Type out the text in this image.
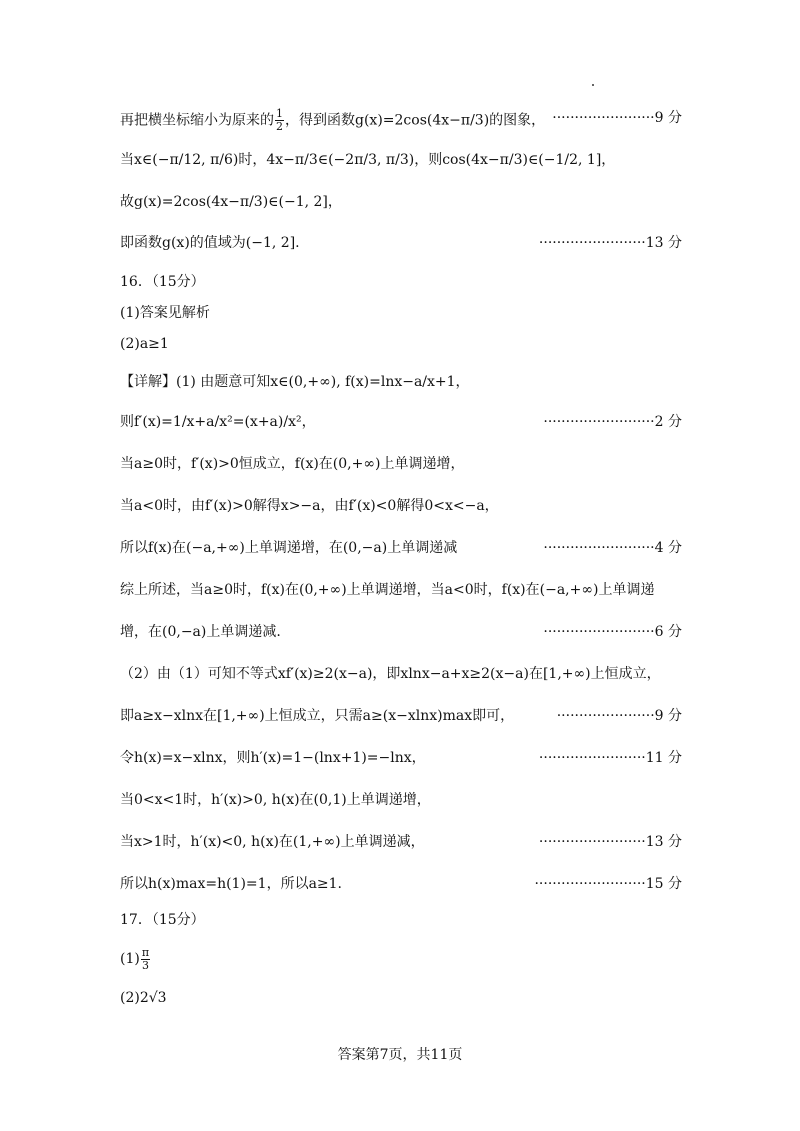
再把横坐标缩小为原来的 $\frac{1}{2}$ ，得到函数g(x)=2cos(4x−π/3)的图象， ·······················9 分
当x∈(−π/12, π/6)时，4x−π/3∈(−2π/3, π/3)，则cos(4x−π/3)∈(−1/2, 1]，
故g(x)=2cos(4x−π/3)∈(−1, 2]，
即函数g(x)的值域为(−1, 2].	························13 分
16．（15分）
(1)答案见解析
(2)a≥1
【详解】(1) 由题意可知x∈(0,+∞), f(x)=lnx−a/x+1，
则f′(x)=1/x+a/x²=(x+a)/x²，	·························2 分
当a≥0时，f′(x)>0恒成立，f(x)在(0,+∞)上单调递增，
当a<0时，由f′(x)>0解得x>−a，由f′(x)<0解得0<x<−a，
所以f(x)在(−a,+∞)上单调递增，在(0,−a)上单调递减	·························4 分
综上所述，当a≥0时，f(x)在(0,+∞)上单调递增，当a<0时，f(x)在(−a,+∞)上单调递
增，在(0,−a)上单调递减.	·························6 分
（2）由（1）可知不等式xf′(x)≥2(x−a)，即xlnx−a+x≥2(x−a)在[1,+∞)上恒成立，
即a≥x−xlnx在[1,+∞)上恒成立，只需a≥(x−xlnx)max即可，	······················9 分
令h(x)=x−xlnx，则h′(x)=1−(lnx+1)=−lnx，	························11 分
当0<x<1时，h′(x)>0, h(x)在(0,1)上单调递增，
当x>1时，h′(x)<0, h(x)在(1,+∞)上单调递减，	························13 分
所以h(x)max=h(1)=1，所以a≥1.	·························15 分
17．（15分）
$(1) \frac{\pi}{3}$
(2)2√3
答案第7页，共11页
